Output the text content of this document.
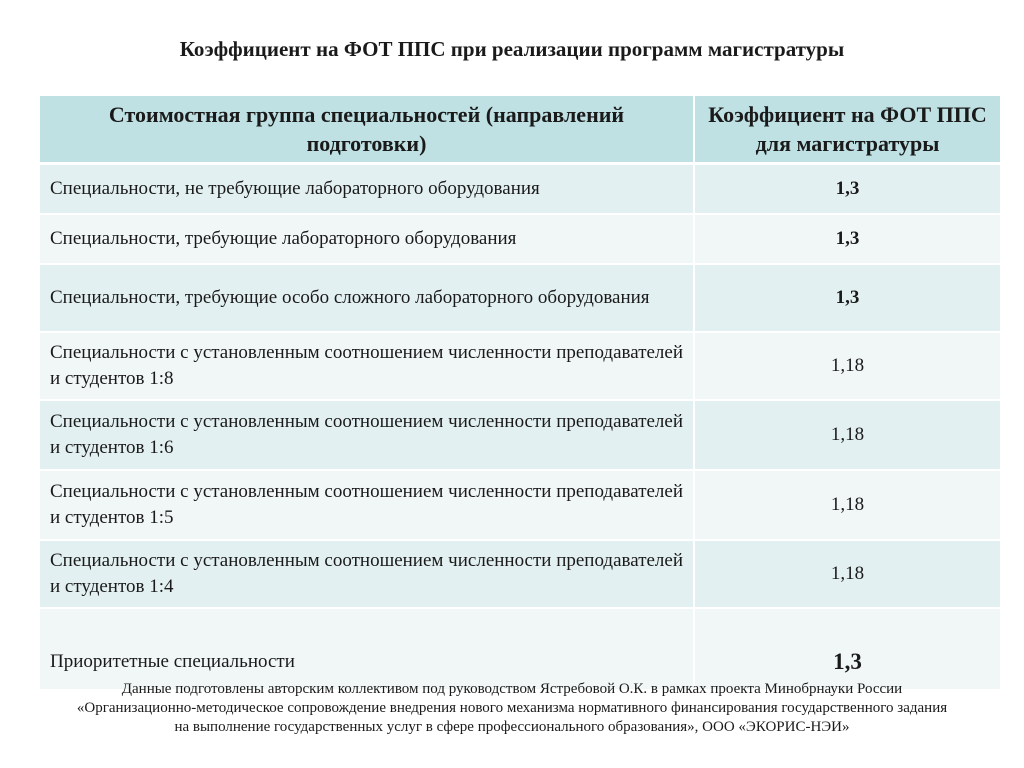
Коэффициент на ФОТ ППС при реализации программ магистратуры
Стоимостная группа специальностей (направлений подготовки)	Коэффициент на ФОТ ППС для магистратуры
Специальности, не требующие лабораторного оборудования	1,3
Специальности, требующие лабораторного оборудования	1,3
Специальности, требующие особо сложного лабораторного оборудования	1,3
Специальности с установленным соотношением численности преподавателей и студентов 1:8	1,18
Специальности с установленным соотношением численности преподавателей и студентов 1:6	1,18
Специальности с установленным соотношением численности преподавателей и студентов 1:5	1,18
Специальности с установленным соотношением численности преподавателей и студентов 1:4	1,18
Приоритетные специальности	1,3
Данные подготовлены авторским коллективом под руководством Ястребовой О.К. в рамках проекта Минобрнауки России
«Организационно-методическое сопровождение внедрения нового механизма нормативного финансирования государственного задания
на выполнение государственных услуг в сфере профессионального образования», ООО «ЭКОРИС-НЭИ»
